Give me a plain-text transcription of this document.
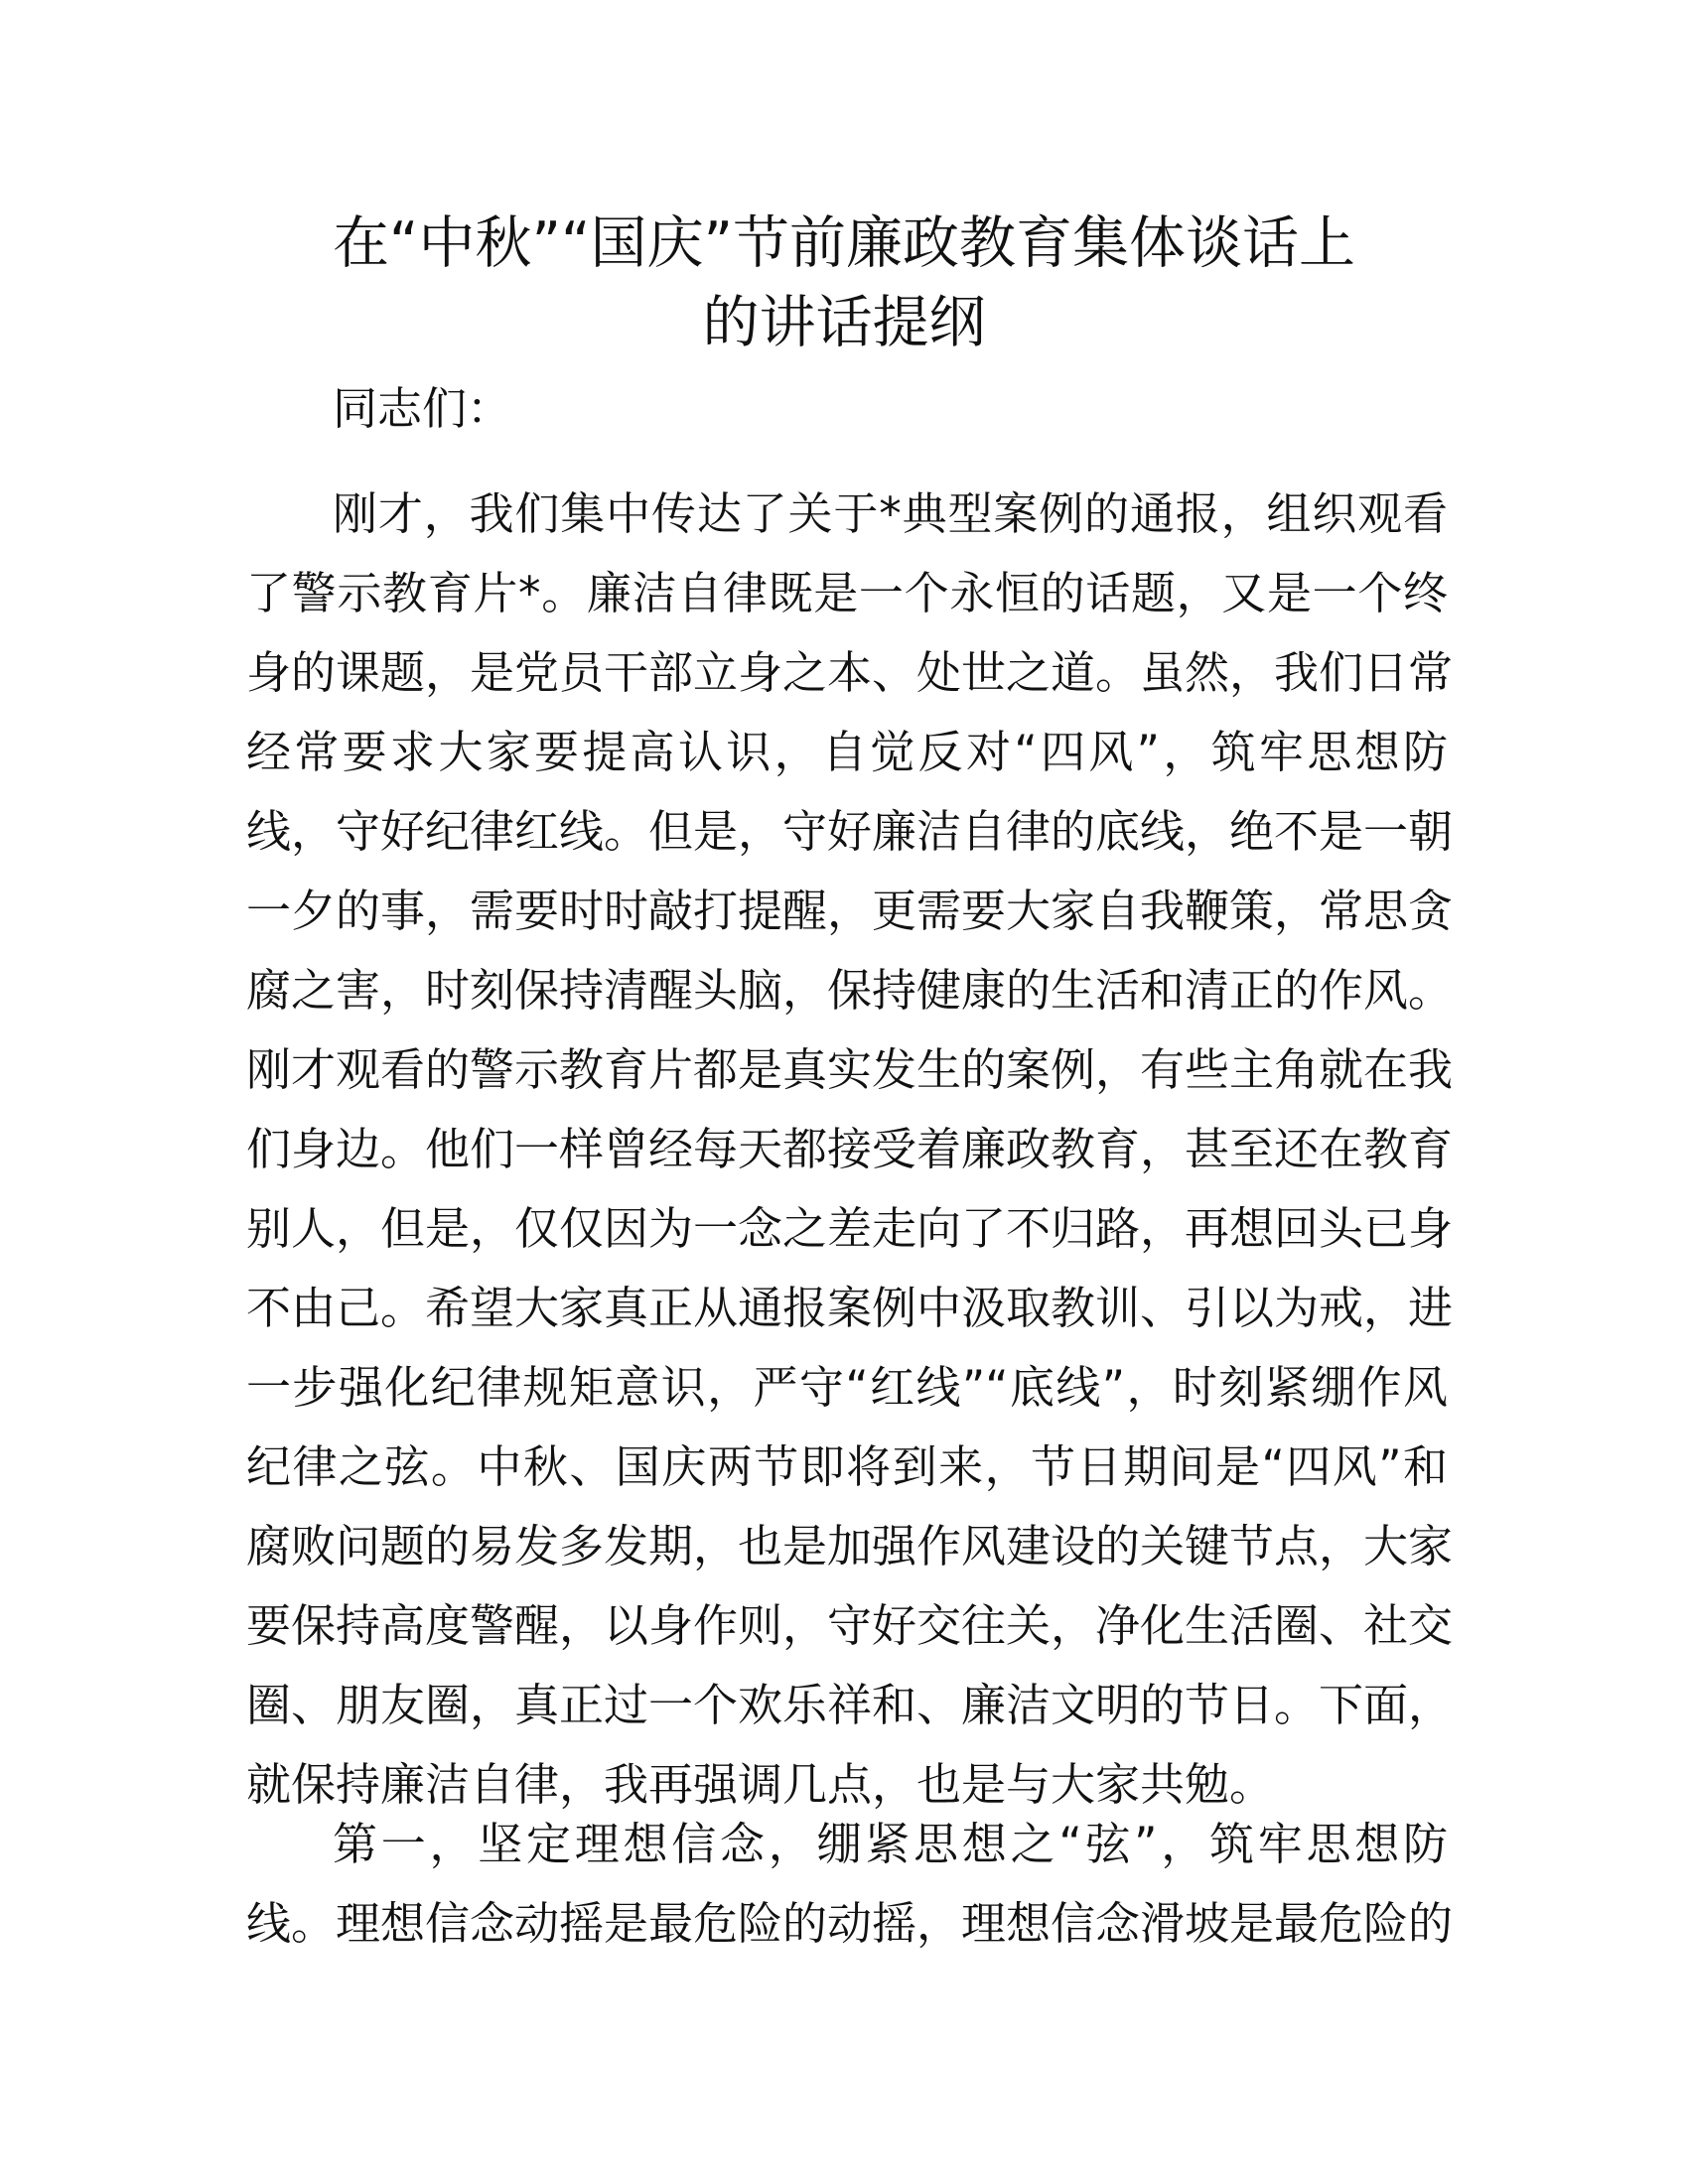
在“中秋”“国庆”节前廉政教育集体谈话上
的讲话提纲

同志们：

刚才，我们集中传达了关于*典型案例的通报，组织观看
了警示教育片*。廉洁自律既是一个永恒的话题，又是一个终
身的课题，是党员干部立身之本、处世之道。虽然，我们日常
经常要求大家要提高认识，自觉反对“四风”，筑牢思想防
线，守好纪律红线。但是，守好廉洁自律的底线，绝不是一朝
一夕的事，需要时时敲打提醒，更需要大家自我鞭策，常思贪
腐之害，时刻保持清醒头脑，保持健康的生活和清正的作风。
刚才观看的警示教育片都是真实发生的案例，有些主角就在我
们身边。他们一样曾经每天都接受着廉政教育，甚至还在教育
别人，但是，仅仅因为一念之差走向了不归路，再想回头已身
不由己。希望大家真正从通报案例中汲取教训、引以为戒，进
一步强化纪律规矩意识，严守“红线”“底线”，时刻紧绷作风
纪律之弦。中秋、国庆两节即将到来，节日期间是“四风”和
腐败问题的易发多发期，也是加强作风建设的关键节点，大家
要保持高度警醒，以身作则，守好交往关，净化生活圈、社交
圈、朋友圈，真正过一个欢乐祥和、廉洁文明的节日。下面，
就保持廉洁自律，我再强调几点，也是与大家共勉。
第一，坚定理想信念，绷紧思想之“弦”，筑牢思想防
线。理想信念动摇是最危险的动摇，理想信念滑坡是最危险的
